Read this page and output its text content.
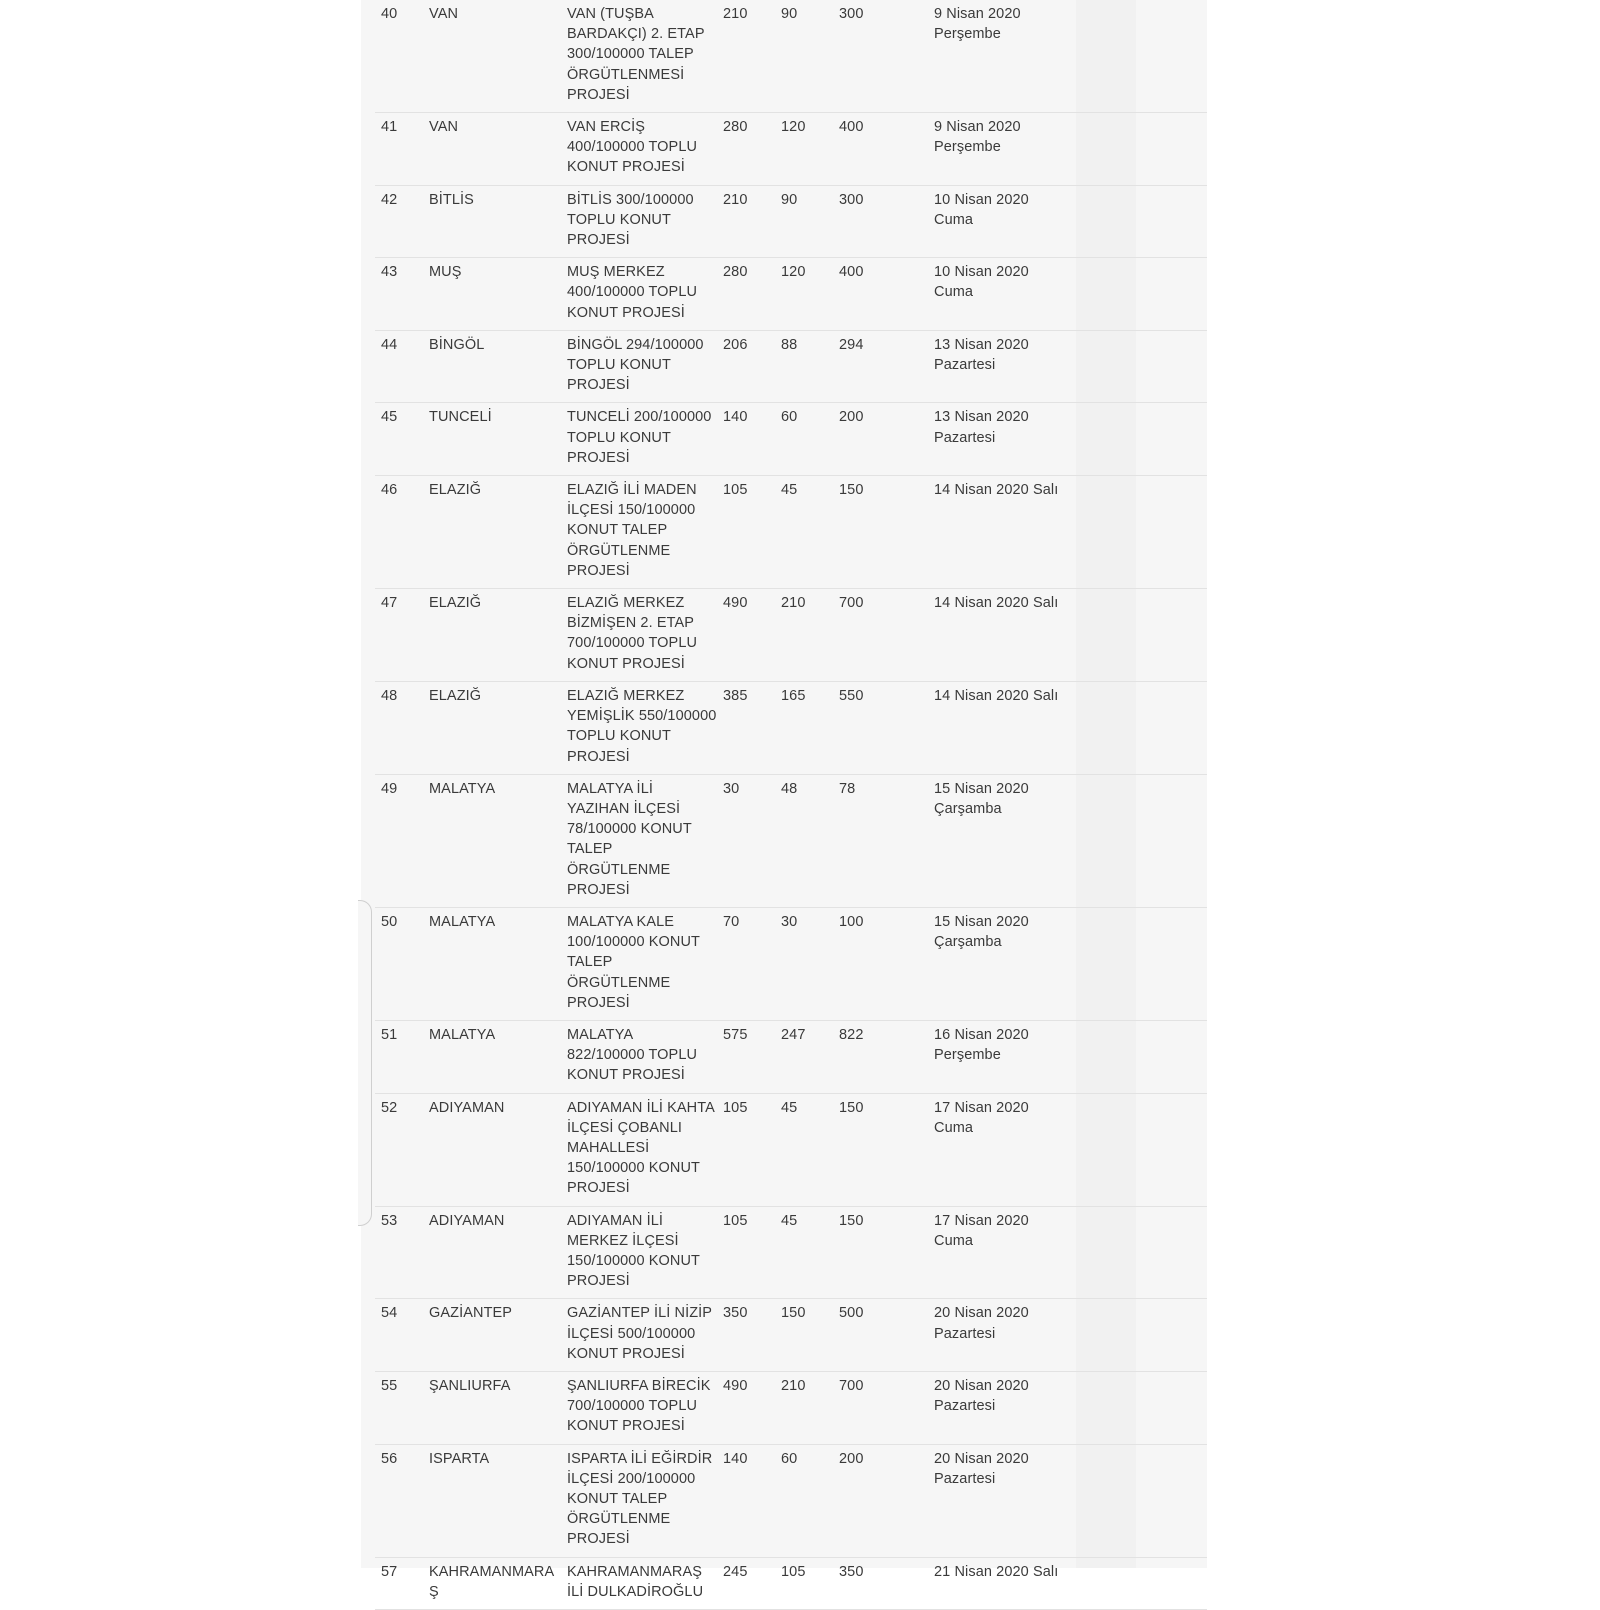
40	VAN	VAN (TUŞBA
BARDAKÇI) 2. ETAP
300/100000 TALEP
ÖRGÜTLENMESİ
PROJESİ	210	90	300	9 Nisan 2020
Perşembe
41	VAN	VAN ERCİŞ
400/100000 TOPLU
KONUT PROJESİ	280	120	400	9 Nisan 2020
Perşembe
42	BİTLİS	BİTLİS 300/100000
TOPLU KONUT
PROJESİ	210	90	300	10 Nisan 2020
Cuma
43	MUŞ	MUŞ MERKEZ
400/100000 TOPLU
KONUT PROJESİ	280	120	400	10 Nisan 2020
Cuma
44	BİNGÖL	BİNGÖL 294/100000
TOPLU KONUT
PROJESİ	206	88	294	13 Nisan 2020
Pazartesi
45	TUNCELİ	TUNCELİ 200/100000
TOPLU KONUT
PROJESİ	140	60	200	13 Nisan 2020
Pazartesi
46	ELAZIĞ	ELAZIĞ İLİ MADEN
İLÇESİ 150/100000
KONUT TALEP
ÖRGÜTLENME
PROJESİ	105	45	150	14 Nisan 2020 Salı
47	ELAZIĞ	ELAZIĞ MERKEZ
BİZMİŞEN 2. ETAP
700/100000 TOPLU
KONUT PROJESİ	490	210	700	14 Nisan 2020 Salı
48	ELAZIĞ	ELAZIĞ MERKEZ
YEMİŞLİK 550/100000
TOPLU KONUT
PROJESİ	385	165	550	14 Nisan 2020 Salı
49	MALATYA	MALATYA İLİ
YAZIHAN İLÇESİ
78/100000 KONUT
TALEP ÖRGÜTLENME
PROJESİ	30	48	78	15 Nisan 2020
Çarşamba
50	MALATYA	MALATYA KALE
100/100000 KONUT
TALEP ÖRGÜTLENME
PROJESİ	70	30	100	15 Nisan 2020
Çarşamba
51	MALATYA	MALATYA
822/100000 TOPLU
KONUT PROJESİ	575	247	822	16 Nisan 2020
Perşembe
52	ADIYAMAN	ADIYAMAN İLİ KAHTA
İLÇESİ ÇOBANLI
MAHALLESİ
150/100000 KONUT
PROJESİ	105	45	150	17 Nisan 2020
Cuma
53	ADIYAMAN	ADIYAMAN İLİ
MERKEZ İLÇESİ
150/100000 KONUT
PROJESİ	105	45	150	17 Nisan 2020
Cuma
54	GAZİANTEP	GAZİANTEP İLİ NİZİP
İLÇESİ 500/100000
KONUT PROJESİ	350	150	500	20 Nisan 2020
Pazartesi
55	ŞANLIURFA	ŞANLIURFA BİRECİK
700/100000 TOPLU
KONUT PROJESİ	490	210	700	20 Nisan 2020
Pazartesi
56	ISPARTA	ISPARTA İLİ EĞİRDİR
İLÇESİ 200/100000
KONUT TALEP
ÖRGÜTLENME
PROJESİ	140	60	200	20 Nisan 2020
Pazartesi
57	KAHRAMANMARAŞ	KAHRAMANMARAŞ
İLİ DULKADİROĞLU	245	105	350	21 Nisan 2020 Salı
